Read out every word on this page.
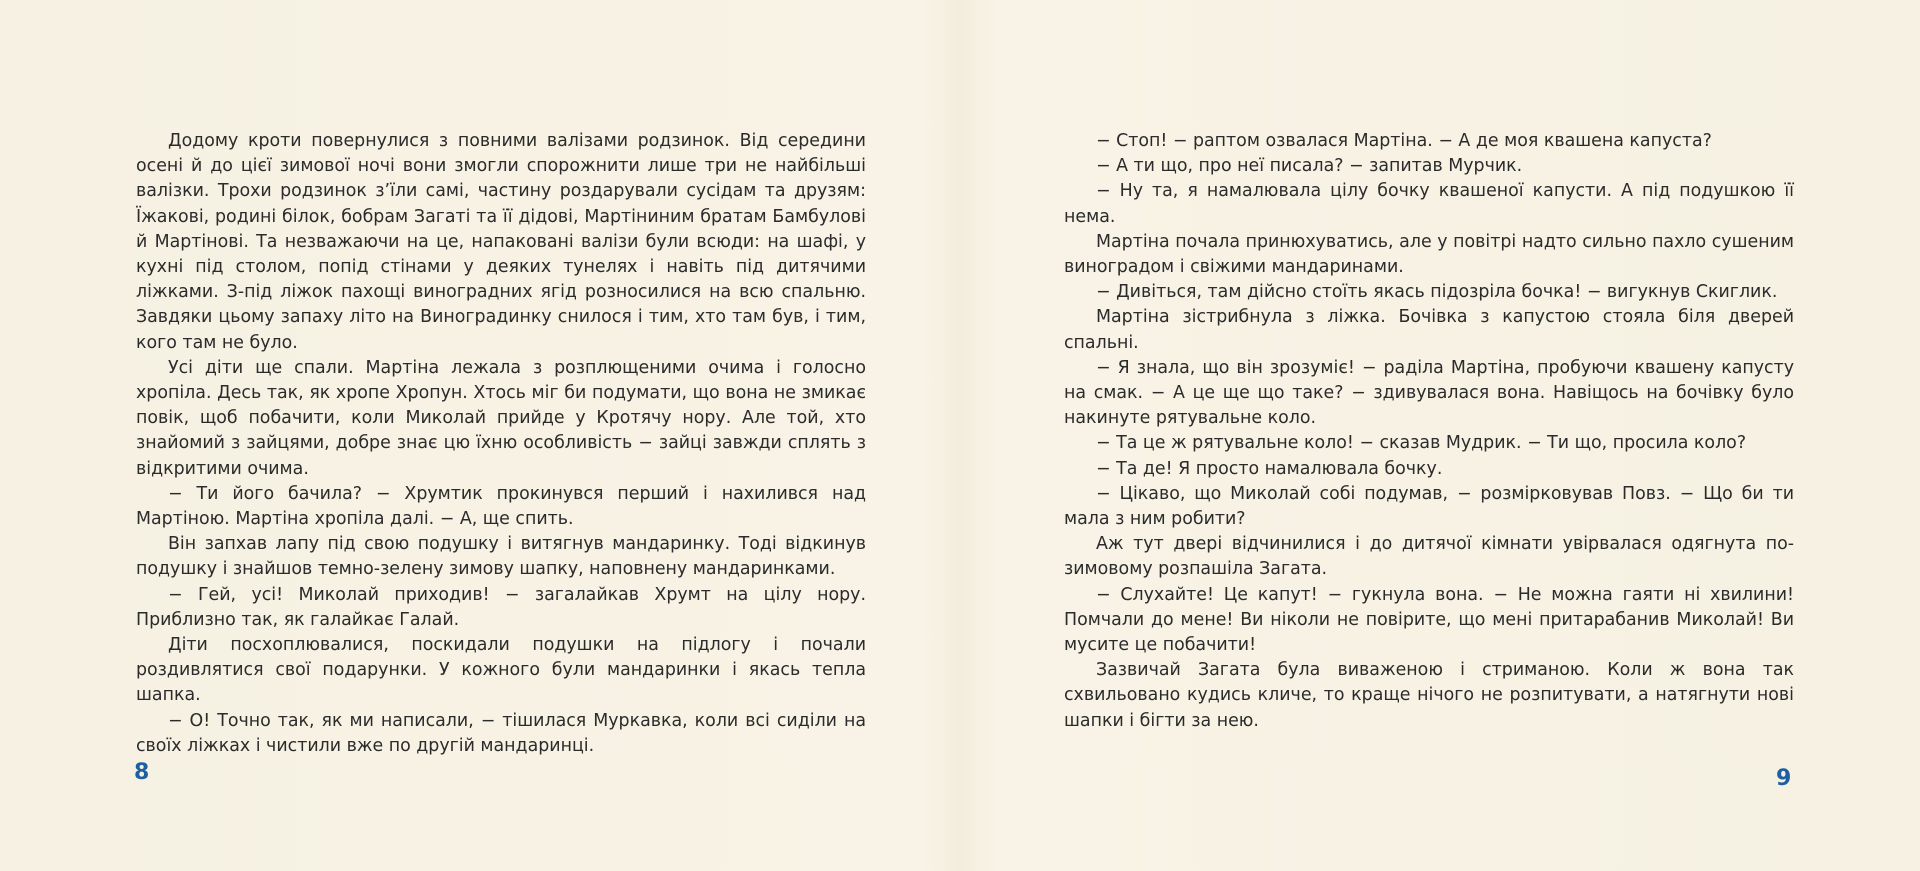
Додому кроти повернулися з повними валізами родзинок. Від середини осені й до цієї зимової ночі вони змогли спорожнити лише три не найбільші валізки. Трохи родзинок з’їли самі, частину роздарували сусідам та друзям: Їжакові, родині білок, бобрам Загаті та її дідові, Мартіниним братам Бамбулові й Мартінові. Та незважаючи на це, напаковані валізи були всюди: на шафі, у кухні під столом, попід стінами у деяких тунелях і навіть під дитячими ліжками. З-під ліжок пахощі виноградних ягід розносилися на всю спальню. Завдяки цьому запаху літо на Виноградинку снилося і тим, хто там був, і тим, кого там не було.

Усі діти ще спали. Мартіна лежала з розплющеними очима і голосно хропіла. Десь так, як хропе Хропун. Хтось міг би подумати, що вона не змикає повік, щоб побачити, коли Миколай прийде у Кротячу нору. Але той, хто знайомий з зайцями, добре знає цю їхню особливість − зайці завжди сплять з відкритими очима.

− Ти його бачила? − Хрумтик прокинувся перший і нахилився над Мартіною. Мартіна хропіла далі. − А, ще спить.

Він запхав лапу під свою подушку і витягнув мандаринку. Тоді відкинув подушку і знайшов темно-зелену зимову шапку, наповнену мандаринками.

− Гей, усі! Миколай приходив! − загалайкав Хрумт на цілу нору. Приблизно так, як галайкає Галай.

Діти посхоплювалися, поскидали подушки на підлогу і почали роздивлятися свої подарунки. У кожного були мандаринки і якась тепла шапка.

− О! Точно так, як ми написали, − тішилася Муркавка, коли всі сиділи на своїх ліжках і чистили вже по другій мандаринці.

− Стоп! − раптом озвалася Мартіна. − А де моя квашена капуста?

− А ти що, про неї писала? − запитав Мурчик.

− Ну та, я намалювала цілу бочку квашеної капусти. А під подушкою її нема.

Мартіна почала принюхуватись, але у повітрі надто сильно пахло сушеним виноградом і свіжими мандаринами.

− Дивіться, там дійсно стоїть якась підозріла бочка! − вигукнув Скиглик.

Мартіна зістрибнула з ліжка. Бочівка з капустою стояла біля дверей спальні.

− Я знала, що він зрозуміє! − раділа Мартіна, пробуючи квашену капусту на смак. − А це ще що таке? − здивувалася вона. Навіщось на бочівку було накинуте рятувальне коло.

− Та це ж рятувальне коло! − сказав Мудрик. − Ти що, просила коло?

− Та де! Я просто намалювала бочку.

− Цікаво, що Миколай собі подумав, − розмірковував Повз. − Що би ти мала з ним робити?

Аж тут двері відчинилися і до дитячої кімнати увірвалася одягнута по-зимовому розпашіла Загата.

− Слухайте! Це капут! − гукнула вона. − Не можна гаяти ні хвилини! Помчали до мене! Ви ніколи не повірите, що мені притарабанив Миколай! Ви мусите це побачити!

Зазвичай Загата була виваженою і стриманою. Коли ж вона так схвильовано кудись кличе, то краще нічого не розпитувати, а натягнути нові шапки і бігти за нею.

8	9
